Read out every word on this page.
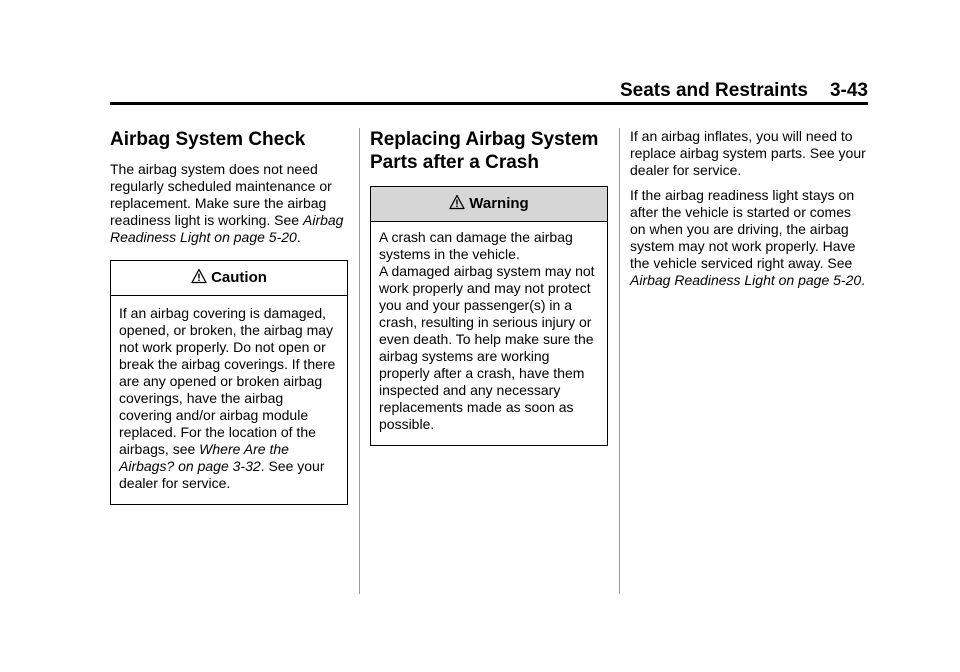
Seats and Restraints 3-43
Airbag System Check

The airbag system does not need regularly scheduled maintenance or replacement. Make sure the airbag readiness light is working. See Airbag Readiness Light on page 5-20.

Caution
If an airbag covering is damaged, opened, or broken, the airbag may not work properly. Do not open or break the airbag coverings. If there are any opened or broken airbag coverings, have the airbag covering and/or airbag module replaced. For the location of the airbags, see Where Are the Airbags? on page 3-32. See your dealer for service.
Replacing Airbag System Parts after a Crash
Warning
A crash can damage the airbag systems in the vehicle.
A damaged airbag system may not work properly and may not protect you and your passenger(s) in a crash, resulting in serious injury or even death. To help make sure the airbag systems are working properly after a crash, have them inspected and any necessary replacements made as soon as possible.

If an airbag inflates, you will need to replace airbag system parts. See your dealer for service.

If the airbag readiness light stays on after the vehicle is started or comes on when you are driving, the airbag system may not work properly. Have the vehicle serviced right away. See Airbag Readiness Light on page 5-20.
